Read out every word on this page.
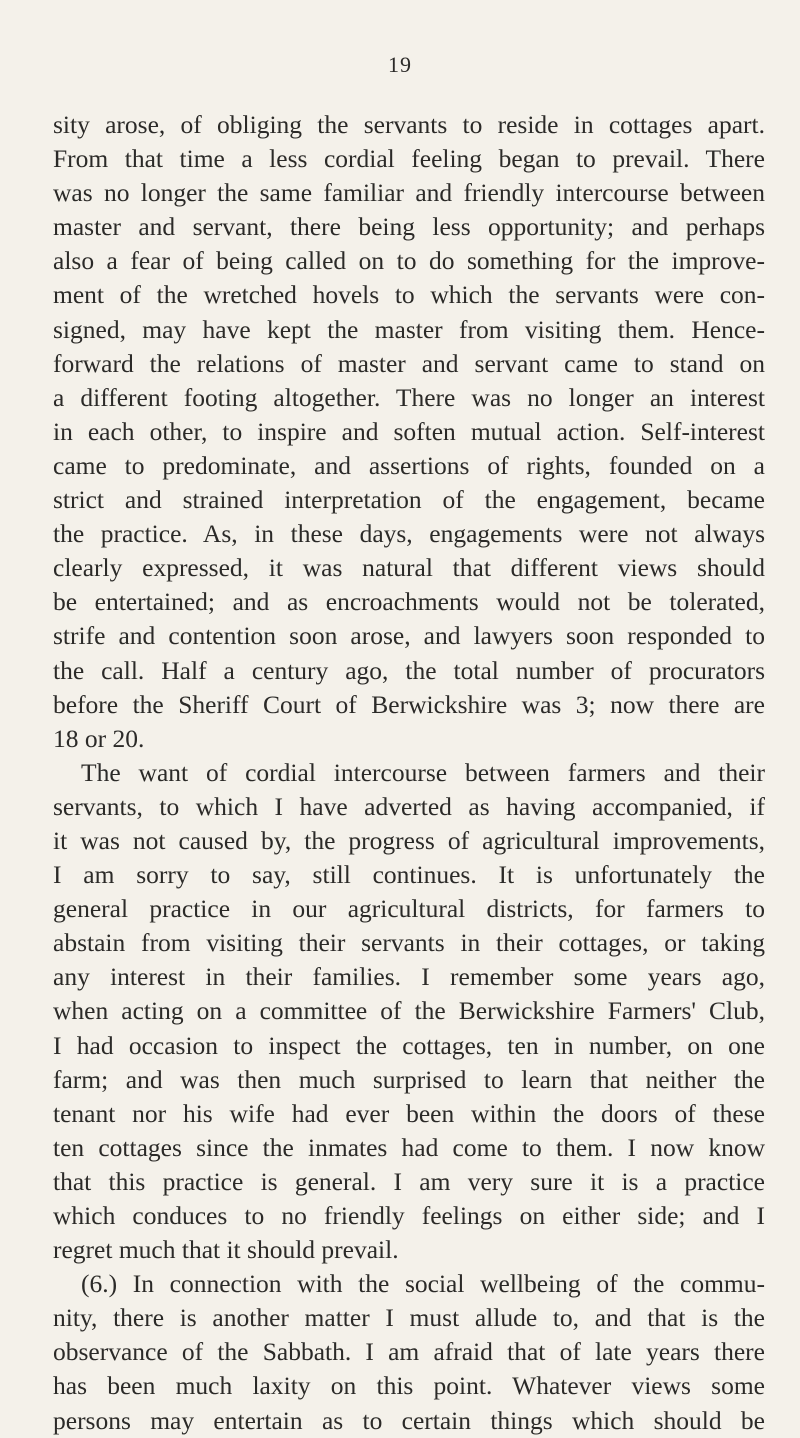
19
sity arose, of obliging the servants to reside in cottages apart.
From that time a less cordial feeling began to prevail. There
was no longer the same familiar and friendly intercourse between
master and servant, there being less opportunity; and perhaps
also a fear of being called on to do something for the improve-
ment of the wretched hovels to which the servants were con-
signed, may have kept the master from visiting them. Hence-
forward the relations of master and servant came to stand on
a different footing altogether. There was no longer an interest
in each other, to inspire and soften mutual action. Self-interest
came to predominate, and assertions of rights, founded on a
strict and strained interpretation of the engagement, became
the practice. As, in these days, engagements were not always
clearly expressed, it was natural that different views should
be entertained; and as encroachments would not be tolerated,
strife and contention soon arose, and lawyers soon responded to
the call. Half a century ago, the total number of procurators
before the Sheriff Court of Berwickshire was 3; now there are
18 or 20.
The want of cordial intercourse between farmers and their
servants, to which I have adverted as having accompanied, if
it was not caused by, the progress of agricultural improvements,
I am sorry to say, still continues. It is unfortunately the
general practice in our agricultural districts, for farmers to
abstain from visiting their servants in their cottages, or taking
any interest in their families. I remember some years ago,
when acting on a committee of the Berwickshire Farmers' Club,
I had occasion to inspect the cottages, ten in number, on one
farm; and was then much surprised to learn that neither the
tenant nor his wife had ever been within the doors of these
ten cottages since the inmates had come to them. I now know
that this practice is general. I am very sure it is a practice
which conduces to no friendly feelings on either side; and I
regret much that it should prevail.
(6.) In connection with the social wellbeing of the commu-
nity, there is another matter I must allude to, and that is the
observance of the Sabbath. I am afraid that of late years there
has been much laxity on this point. Whatever views some
persons may entertain as to certain things which should be
